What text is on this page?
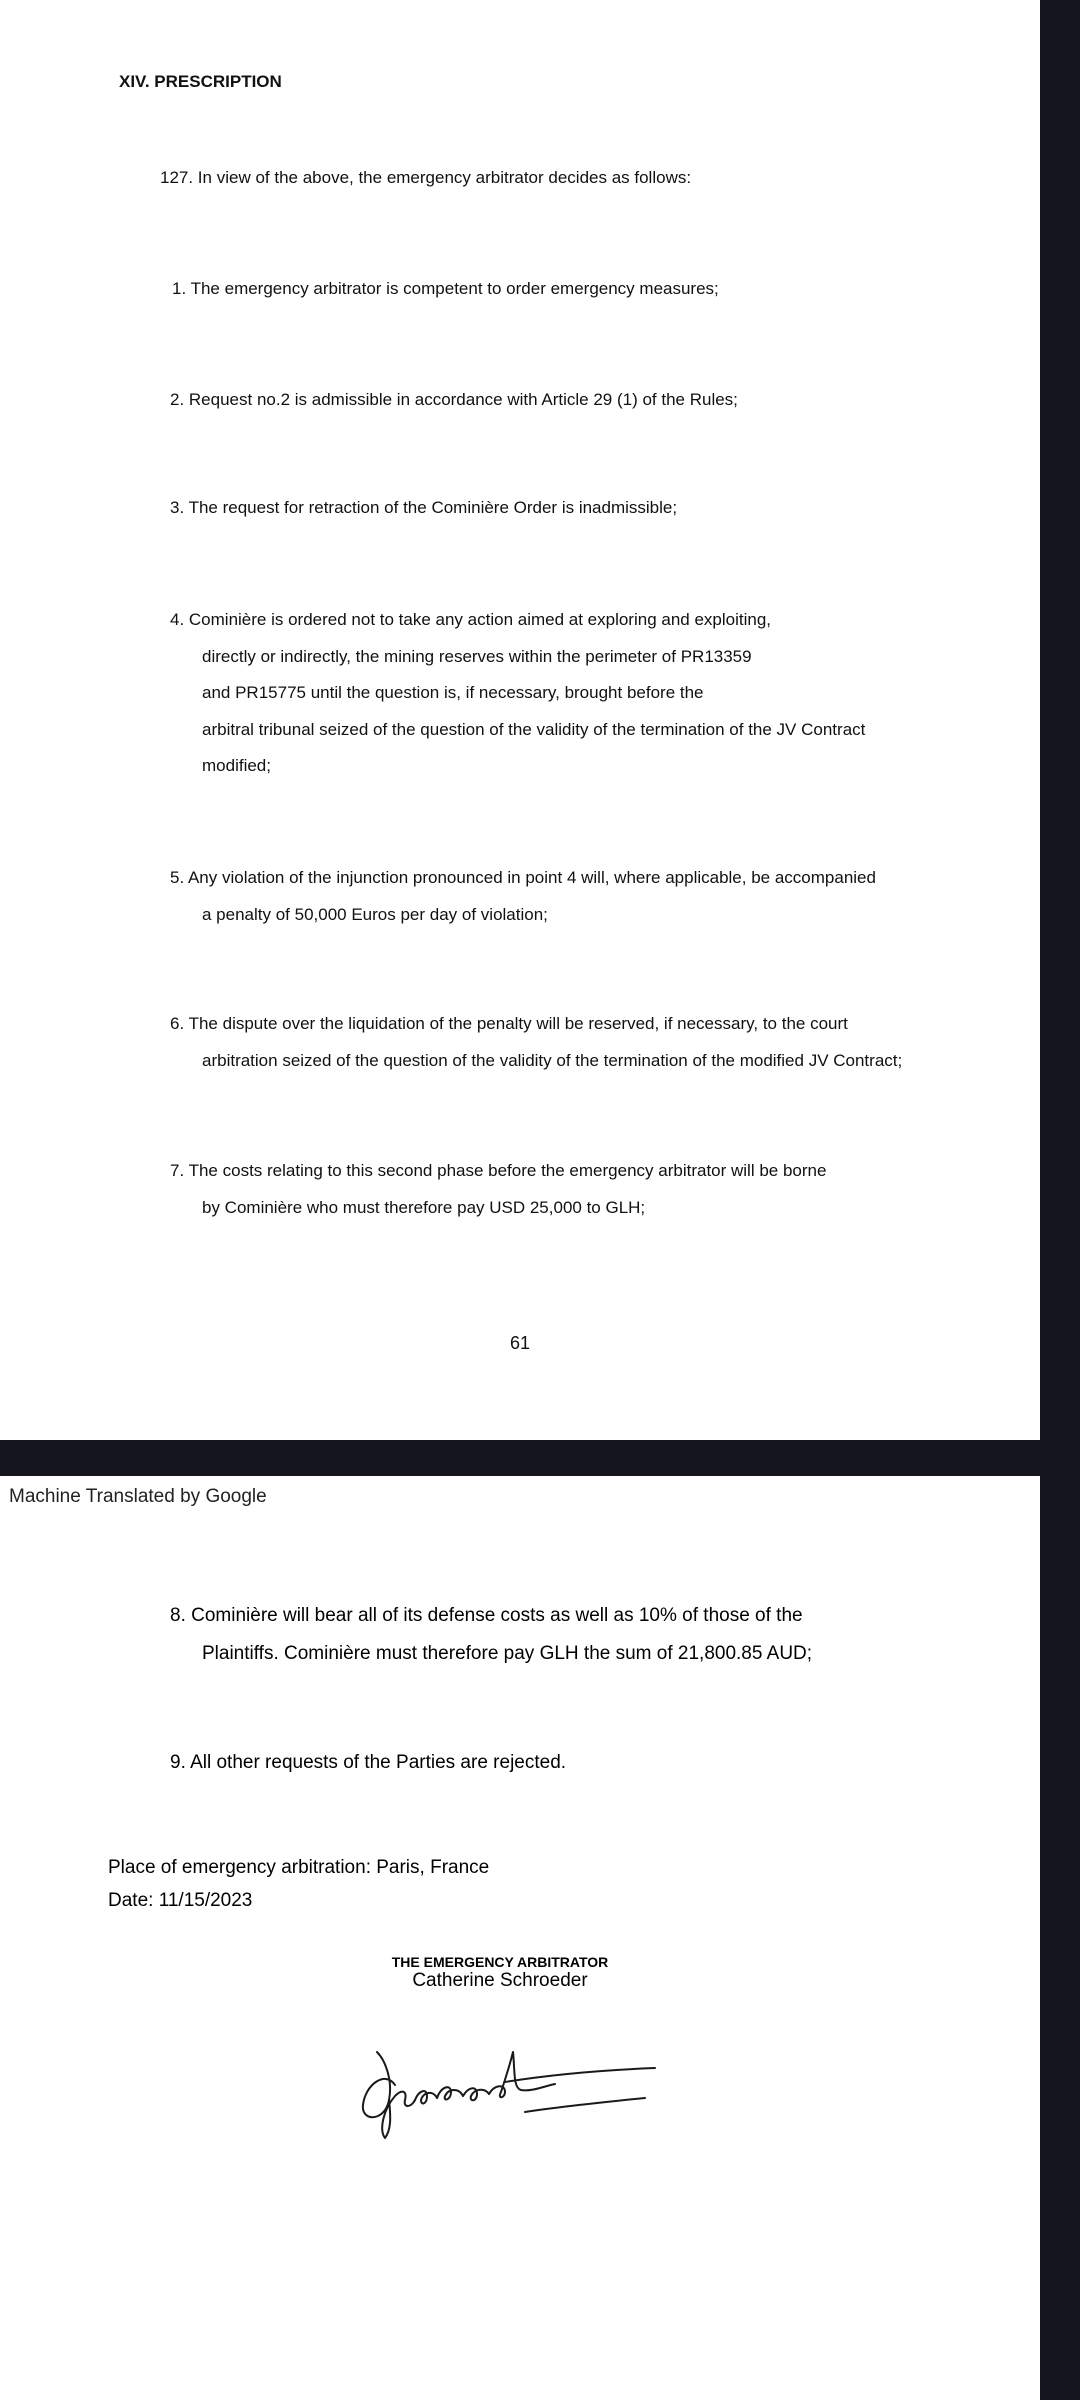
XIV. PRESCRIPTION
127. In view of the above, the emergency arbitrator decides as follows:
1. The emergency arbitrator is competent to order emergency measures;
2. Request no.2 is admissible in accordance with Article 29 (1) of the Rules;
3. The request for retraction of the Cominière Order is inadmissible;
4. Cominière is ordered not to take any action aimed at exploring and exploiting,
directly or indirectly, the mining reserves within the perimeter of PR13359
and PR15775 until the question is, if necessary, brought before the
arbitral tribunal seized of the question of the validity of the termination of the JV Contract
modified;
5. Any violation of the injunction pronounced in point 4 will, where applicable, be accompanied
a penalty of 50,000 Euros per day of violation;
6. The dispute over the liquidation of the penalty will be reserved, if necessary, to the court
arbitration seized of the question of the validity of the termination of the modified JV Contract;
7. The costs relating to this second phase before the emergency arbitrator will be borne
by Cominière who must therefore pay USD 25,000 to GLH;
61
Machine Translated by Google
8. Cominière will bear all of its defense costs as well as 10% of those of the
Plaintiffs. Cominière must therefore pay GLH the sum of 21,800.85 AUD;
9. All other requests of the Parties are rejected.
Place of emergency arbitration: Paris, France
Date: 11/15/2023
THE EMERGENCY ARBITRATOR
Catherine Schroeder
